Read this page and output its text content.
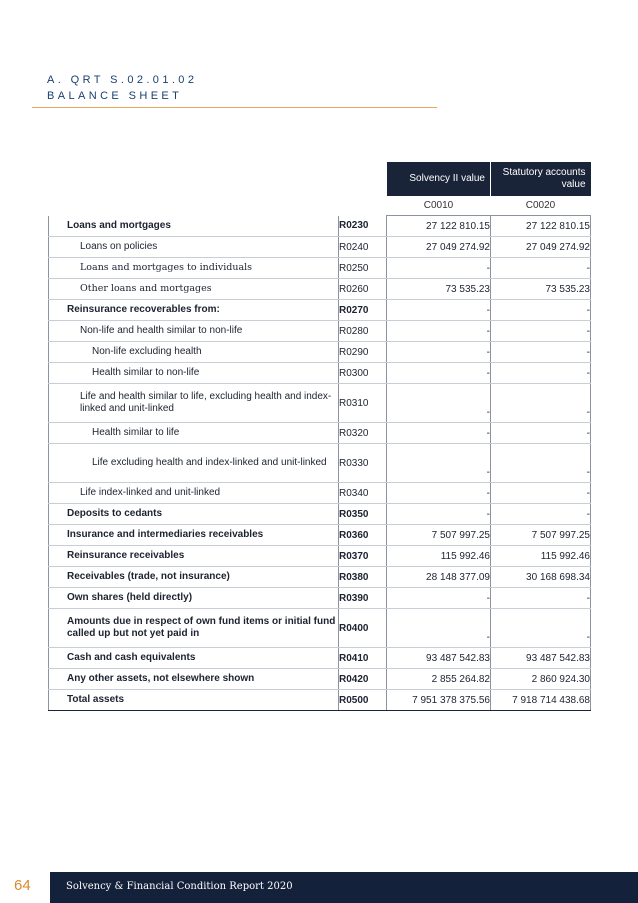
A. QRT S.02.01.02
BALANCE SHEET
		Solvency II value	Statutory accounts value
		C0010	C0020
Loans and mortgages	R0230	27 122 810.15	27 122 810.15
Loans on policies	R0240	27 049 274.92	27 049 274.92
Loans and mortgages to individuals	R0250	-	-
Other loans and mortgages	R0260	73 535.23	73 535.23
Reinsurance recoverables from:	R0270	-	-
Non-life and health similar to non-life	R0280	-	-
Non-life excluding health	R0290	-	-
Health similar to non-life	R0300	-	-
Life and health similar to life, excluding health and index-linked and unit-linked	R0310	-	-
Health similar to life	R0320	-	-
Life excluding health and index-linked and unit-linked	R0330	-	-
Life index-linked and unit-linked	R0340	-	-
Deposits to cedants	R0350	-	-
Insurance and intermediaries receivables	R0360	7 507 997.25	7 507 997.25
Reinsurance receivables	R0370	115 992.46	115 992.46
Receivables (trade, not insurance)	R0380	28 148 377.09	30 168 698.34
Own shares (held directly)	R0390	-	-
Amounts due in respect of own fund items or initial fund called up but not yet paid in	R0400	-	-
Cash and cash equivalents	R0410	93 487 542.83	93 487 542.83
Any other assets, not elsewhere shown	R0420	2 855 264.82	2 860 924.30
Total assets	R0500	7 951 378 375.56	7 918 714 438.68
64	Solvency & Financial Condition Report 2020
